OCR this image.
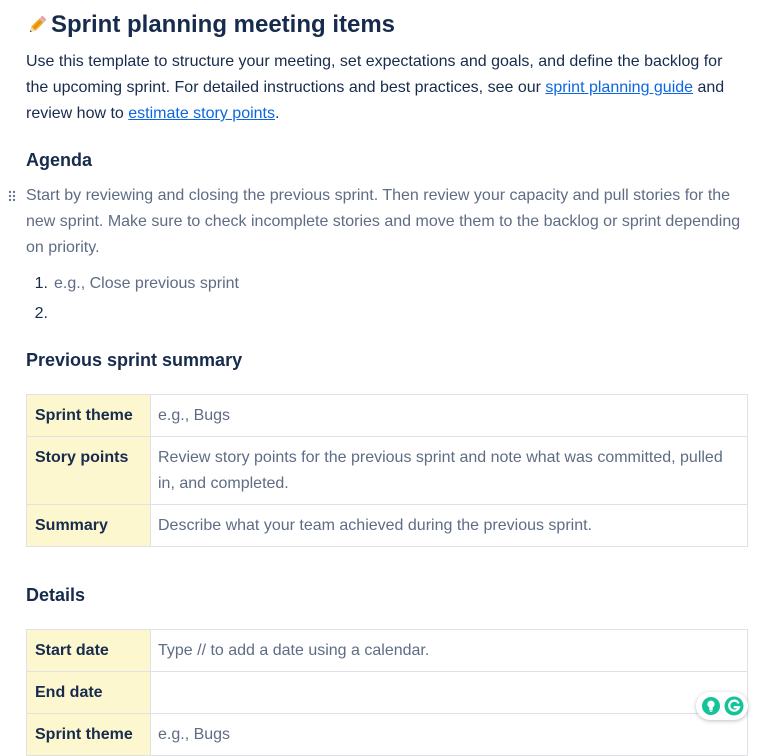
Sprint planning meeting items
Use this template to structure your meeting, set expectations and goals, and define the backlog for the upcoming sprint. For detailed instructions and best practices, see our sprint planning guide and review how to estimate story points.
Agenda
Start by reviewing and closing the previous sprint. Then review your capacity and pull stories for the new sprint. Make sure to check incomplete stories and move them to the backlog or sprint depending on priority.
1. e.g., Close previous sprint
2.
Previous sprint summary
Sprint theme	e.g., Bugs
Story points	Review story points for the previous sprint and note what was committed, pulled in, and completed.
Summary	Describe what your team achieved during the previous sprint.
Details
Start date	Type // to add a date using a calendar.
End date	
Sprint theme	e.g., Bugs
